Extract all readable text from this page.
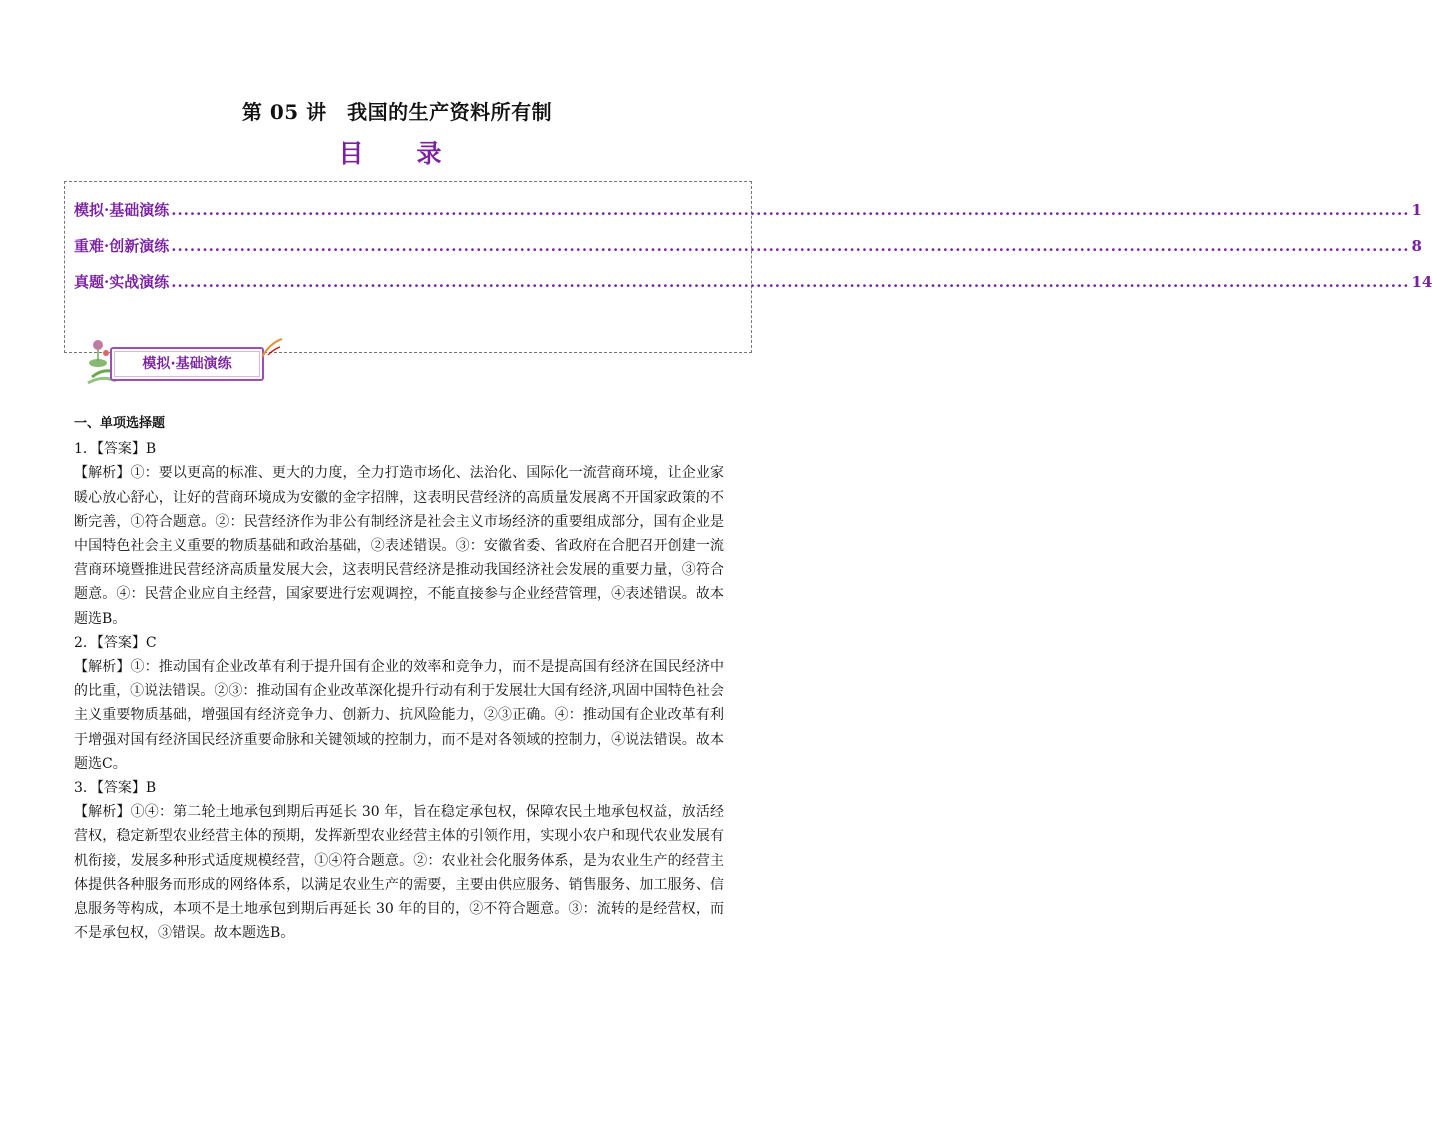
第 05 讲　我国的生产资料所有制
目　录
模拟·基础演练 ....................................................................................................................................................................................................... 1
重难·创新演练 ....................................................................................................................................................................................................... 8
真题·实战演练 ....................................................................................................................................................................................................... 14
模拟·基础演练
一、单项选择题

1．【答案】B

【解析】①：要以更高的标准、更大的力度，全力打造市场化、法治化、国际化一流营商环境，让企业家暖心放心舒心，让好的营商环境成为安徽的金字招牌，这表明民营经济的高质量发展离不开国家政策的不断完善，①符合题意。②：民营经济作为非公有制经济是社会主义市场经济的重要组成部分，国有企业是中国特色社会主义重要的物质基础和政治基础，②表述错误。③：安徽省委、省政府在合肥召开创建一流营商环境暨推进民营经济高质量发展大会，这表明民营经济是推动我国经济社会发展的重要力量，③符合题意。④：民营企业应自主经营，国家要进行宏观调控，不能直接参与企业经营管理，④表述错误。故本题选B。

2．【答案】C

【解析】①：推动国有企业改革有利于提升国有企业的效率和竞争力，而不是提高国有经济在国民经济中的比重，①说法错误。②③：推动国有企业改革深化提升行动有利于发展壮大国有经济,巩固中国特色社会主义重要物质基础，增强国有经济竞争力、创新力、抗风险能力，②③正确。④：推动国有企业改革有利于增强对国有经济国民经济重要命脉和关键领域的控制力，而不是对各领域的控制力，④说法错误。故本题选C。

3．【答案】B

【解析】①④：第二轮土地承包到期后再延长 30 年，旨在稳定承包权，保障农民土地承包权益，放活经营权，稳定新型农业经营主体的预期，发挥新型农业经营主体的引领作用，实现小农户和现代农业发展有机衔接，发展多种形式适度规模经营，①④符合题意。②：农业社会化服务体系，是为农业生产的经营主体提供各种服务而形成的网络体系，以满足农业生产的需要，主要由供应服务、销售服务、加工服务、信息服务等构成，本项不是土地承包到期后再延长 30 年的目的，②不符合题意。③：流转的是经营权，而不是承包权，③错误。故本题选B。
